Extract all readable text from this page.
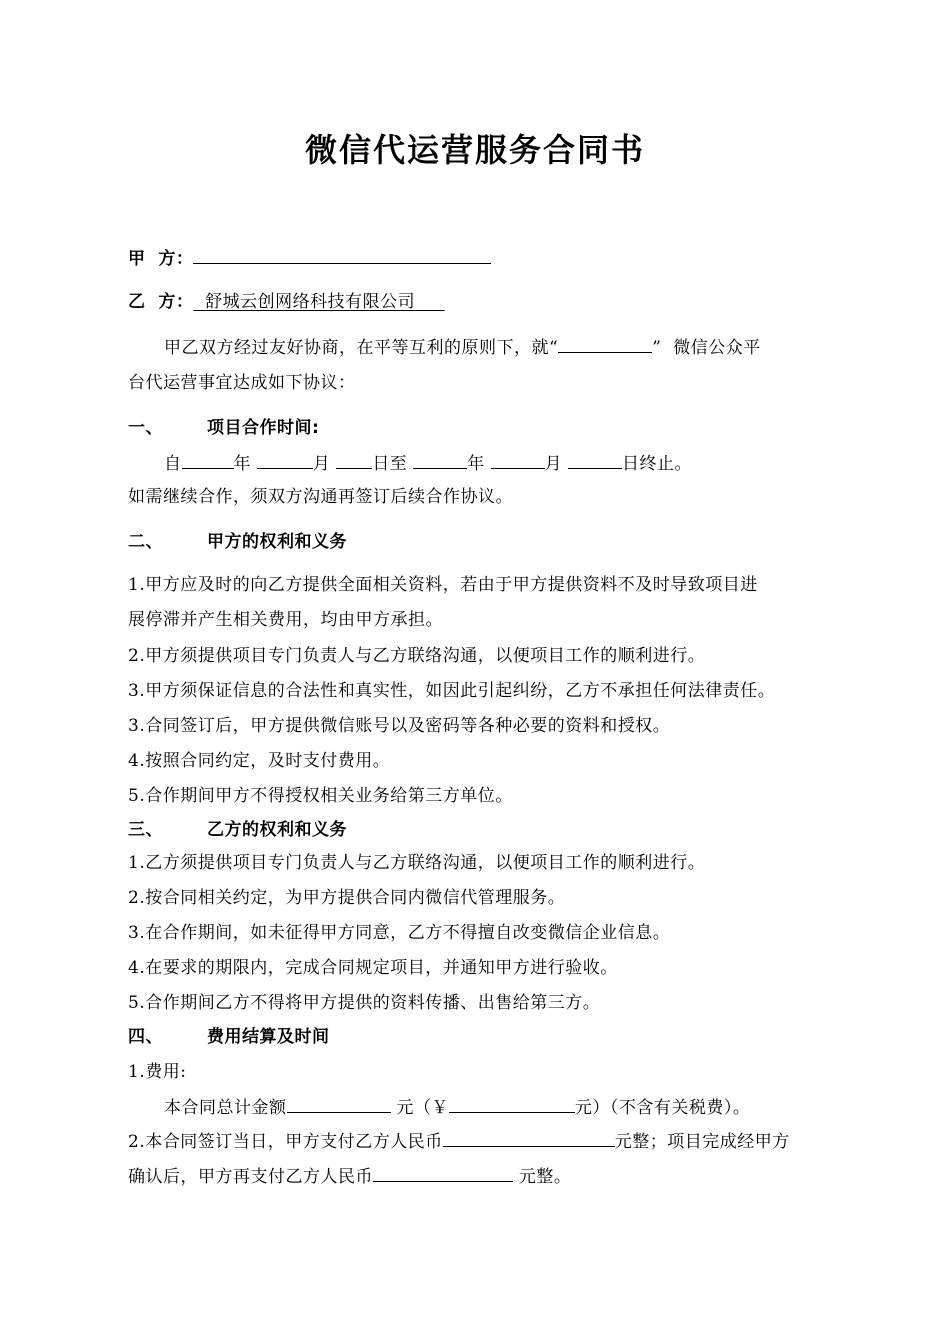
微信代运营服务合同书
甲  方：
乙  方： 舒城云创网络科技有限公司
甲乙双方经过友好协商，在平等互利的原则下，就“	”  微信公众平
台代运营事宜达成如下协议：
一、	项目合作时间:
自	年	月 日至	年	月	日终止。
如需继续合作，须双方沟通再签订后续合作协议。
二、	甲方的权利和义务
1.甲方应及时的向乙方提供全面相关资料，若由于甲方提供资料不及时导致项目进
展停滞并产生相关费用，均由甲方承担。
2.甲方须提供项目专门负责人与乙方联络沟通，以便项目工作的顺利进行。
3.甲方须保证信息的合法性和真实性，如因此引起纠纷，乙方不承担任何法律责任。
3.合同签订后，甲方提供微信账号以及密码等各种必要的资料和授权。
4.按照合同约定，及时支付费用。
5.合作期间甲方不得授权相关业务给第三方单位。
三、	乙方的权利和义务
1.乙方须提供项目专门负责人与乙方联络沟通，以便项目工作的顺利进行。
2.按合同相关约定，为甲方提供合同内微信代管理服务。
3.在合作期间，如未征得甲方同意，乙方不得擅自改变微信企业信息。
4.在要求的期限内，完成合同规定项目，并通知甲方进行验收。
5.合作期间乙方不得将甲方提供的资料传播、出售给第三方。
四、	费用结算及时间
1.费用:
本合同总计金额	元（￥	元）（不含有关税费）。
2.本合同签订当日，甲方支付乙方人民币	元整；项目完成经甲方
确认后，甲方再支付乙方人民币	元整。
